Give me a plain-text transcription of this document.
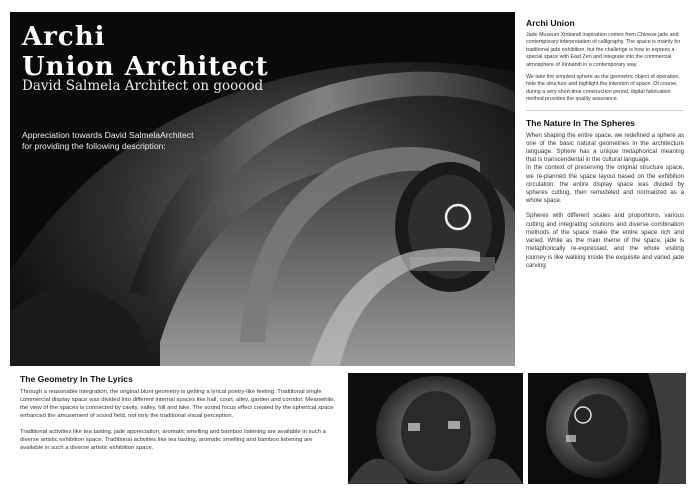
Archi
Union Architect
David Salmela Architect on gooood
Appreciation towards David SalmelaArchitect
for providing the following description:
Archi Union

Jade Museum Xintiandi inspiration comes from Chinese jade and contemporary interpretation of calligraphy. The space is mainly for traditional jade exhibition, but the challenge is how to express a special space with East Zen and integrate into the commercial atmosphere of Xintiandi in a contemporary way.

We take the simplest sphere as the geometric object of operation, hide the structure and highlight the intention of space. Of course, during a very short-time construction period, digital fabrication method provides the quality assurance.

The Nature In The Spheres

When shaping the entire space, we redefined a sphere as one of the basic natural geometries in the architecture language. Sphere has a unique metaphorical meaning that is transcendental in the cultural language.

In the context of preserving the original structure space, we re-planned the space layout based on the exhibition circulation: the entire display space was divided by spheres cutting, then remodeled and normalized as a whole space.

Spheres with different scales and proportions, various cutting and integrating solutions and diverse combination methods of the space make the entire space rich and varied. While as the main theme of the space, jade is metaphorically re-expressed, and the whole visiting journey is like walking inside the exquisite and varied jade carving.

The Geometry In The Lyrics

Through a reasonable integration, the original blunt geometry is getting a lyrical poetry-like feeling. Traditional single commercial display space was divided into different internal spaces like hall, court, alley, garden and corridor. Meanwhile, the view of the spaces is connected by cavity, valley, hill and lake. The sound focus effect created by the spherical space enhanced the amusement of sound field, not only the traditional visual perception.

Traditional activities like tea tasting, jade appreciation, aromatic smelling and bamboo listening are available in such a diverse artistic exhibition space. Traditional activities like tea tasting, aromatic smelling and bamboo listening are available in such a diverse artistic exhibition space.
